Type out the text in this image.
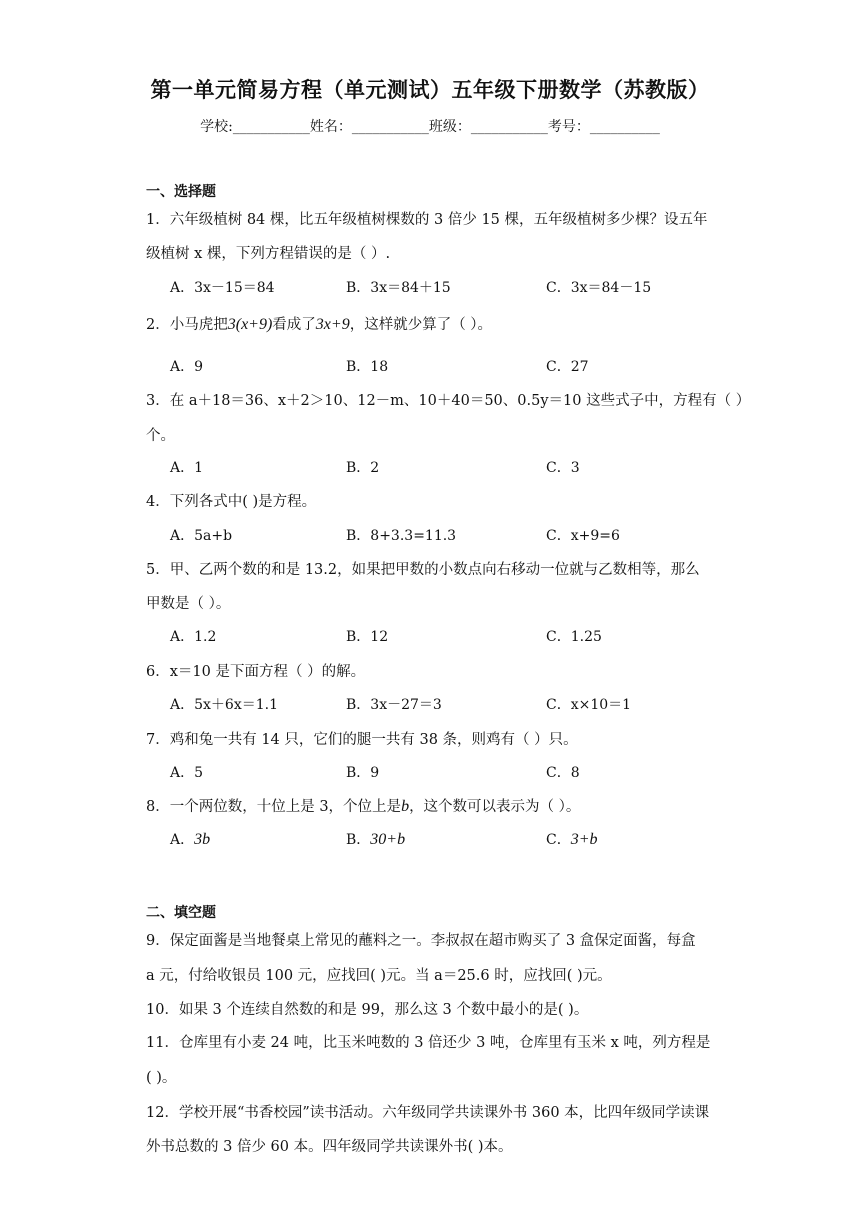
第一单元简易方程（单元测试）五年级下册数学（苏教版）
学校:___________姓名：___________班级：___________考号：__________
一、选择题
1．六年级植树 84 棵，比五年级植树棵数的 3 倍少 15 棵，五年级植树多少棵？设五年
级植树 x 棵，下列方程错误的是（ ）.
A．3x－15＝84	B．3x＝84＋15	C．3x＝84－15
2．小马虎把3(x+9)看成了3x+9，这样就少算了（ ）。
A．9	B．18	C．27
3．在 a＋18＝36、x＋2＞10、12－m、10＋40＝50、0.5y＝10 这些式子中，方程有（ ）
个。
A．1	B．2	C．3
4．下列各式中( )是方程。
A．5a+b	B．8+3.3=11.3	C．x+9=6
5．甲、乙两个数的和是 13.2，如果把甲数的小数点向右移动一位就与乙数相等，那么
甲数是（ ）。
A．1.2	B．12	C．1.25
6．x＝10 是下面方程（ ）的解。
A．5x＋6x＝1.1	B．3x－27＝3	C．x×10＝1
7．鸡和兔一共有 14 只，它们的腿一共有 38 条，则鸡有（ ）只。
A．5	B．9	C．8
8．一个两位数，十位上是 3，个位上是b，这个数可以表示为（ ）。
A．3b	B．30+b	C．3+b
二、填空题
9．保定面酱是当地餐桌上常见的蘸料之一。李叔叔在超市购买了 3 盒保定面酱，每盒
a 元，付给收银员 100 元，应找回( )元。当 a＝25.6 时，应找回( )元。
10．如果 3 个连续自然数的和是 99，那么这 3 个数中最小的是( )。
11．仓库里有小麦 24 吨，比玉米吨数的 3 倍还少 3 吨，仓库里有玉米 x 吨，列方程是
( )。
12．学校开展“书香校园”读书活动。六年级同学共读课外书 360 本，比四年级同学读课
外书总数的 3 倍少 60 本。四年级同学共读课外书( )本。
